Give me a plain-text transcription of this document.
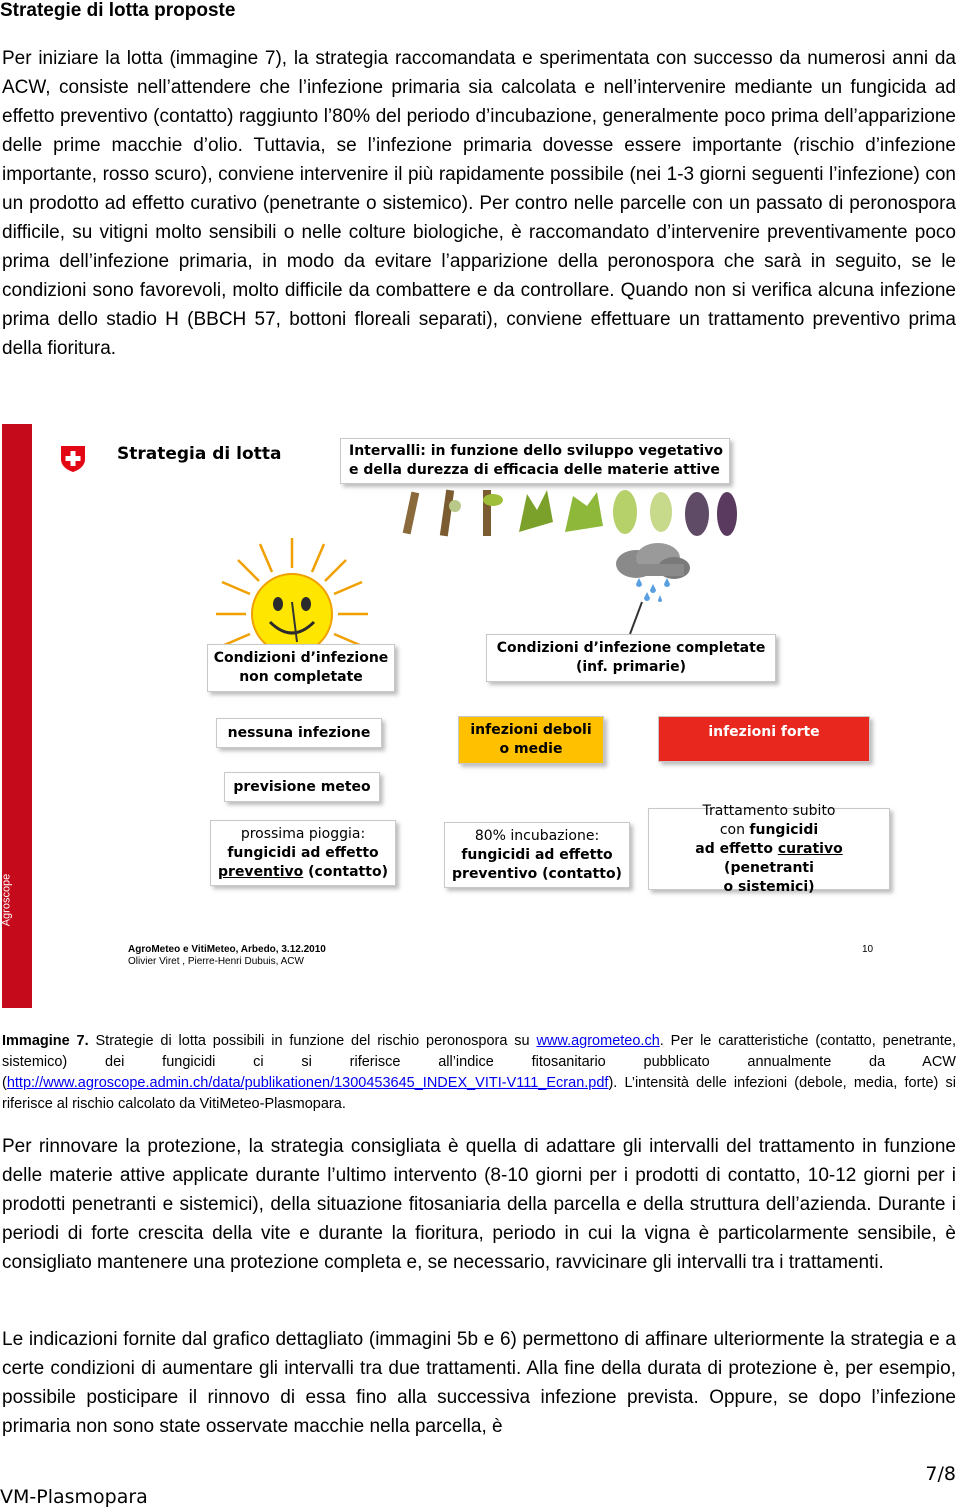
Strategie di lotta proposte

Per iniziare la lotta (immagine 7), la strategia raccomandata e sperimentata con successo da numerosi anni da ACW, consiste nell’attendere che l’infezione primaria sia calcolata e nell’intervenire mediante un fungicida ad effetto preventivo (contatto) raggiunto l’80% del periodo d’incubazione, generalmente poco prima dell’apparizione delle prime macchie d’olio. Tuttavia, se l’infezione primaria dovesse essere importante (rischio d’infezione importante, rosso scuro), conviene intervenire il più rapidamente possibile (nei 1-3 giorni seguenti l’infezione) con un prodotto ad effetto curativo (penetrante o sistemico). Per contro nelle parcelle con un passato di peronospora difficile, su vitigni molto sensibili o nelle colture biologiche, è raccomandato d’intervenire preventivamente poco prima dell’infezione primaria, in modo da evitare l’apparizione della peronospora che sarà in seguito, se le condizioni sono favorevoli, molto difficile da combattere e da controllare. Quando non si verifica alcuna infezione prima dello stadio H (BBCH 57, bottoni floreali separati), conviene effettuare un trattamento preventivo prima della fioritura.

Agroscope
Strategia di lotta	Intervalli: in funzione dello sviluppo vegetativo
e della durezza di efficacia delle materie attive
Condizioni d’infezione
non completate
Condizioni d’infezione completate
(inf. primarie)
nessuna infezione	infezioni deboli
o medie
infezioni forte
previsione meteo
prossima pioggia:
fungicidi ad effetto
preventivo (contatto)
80% incubazione:
fungicidi ad effetto
preventivo (contatto)
Trattamento subito
con fungicidi
ad effetto curativo (penetranti
o sistemici)
AgroMeteo e VitiMeteo, Arbedo, 3.12.2010
Olivier Viret , Pierre-Henri Dubuis, ACW
10
Immagine 7. Strategie di lotta possibili in funzione del rischio peronospora su www.agrometeo.ch. Per le caratteristiche (contatto, penetrante, sistemico) dei fungicidi ci si riferisce all’indice fitosanitario pubblicato annualmente da ACW (http://www.agroscope.admin.ch/data/publikationen/1300453645_INDEX_VITI-V111_Ecran.pdf). L’intensità delle infezioni (debole, media, forte) si riferisce al rischio calcolato da VitiMeteo-Plasmopara.

Per rinnovare la protezione, la strategia consigliata è quella di adattare gli intervalli del trattamento in funzione delle materie attive applicate durante l’ultimo intervento (8-10 giorni per i prodotti di contatto, 10-12 giorni per i prodotti penetranti e sistemici), della situazione fitosaniaria della parcella e della struttura dell’azienda. Durante i periodi di forte crescita della vite e durante la fioritura, periodo in cui la vigna è particolarmente sensibile, è consigliato mantenere una protezione completa e, se necessario, ravvicinare gli intervalli tra i trattamenti.

Le indicazioni fornite dal grafico dettagliato (immagini 5b e 6) permettono di affinare ulteriormente la strategia e a certe condizioni di aumentare gli intervalli tra due trattamenti. Alla fine della durata di protezione è, per esempio, possibile posticipare il rinnovo di essa fino alla successiva infezione prevista. Oppure, se dopo l’infezione primaria non sono state osservate macchie nella parcella, è

7/8
VM-Plasmopara
